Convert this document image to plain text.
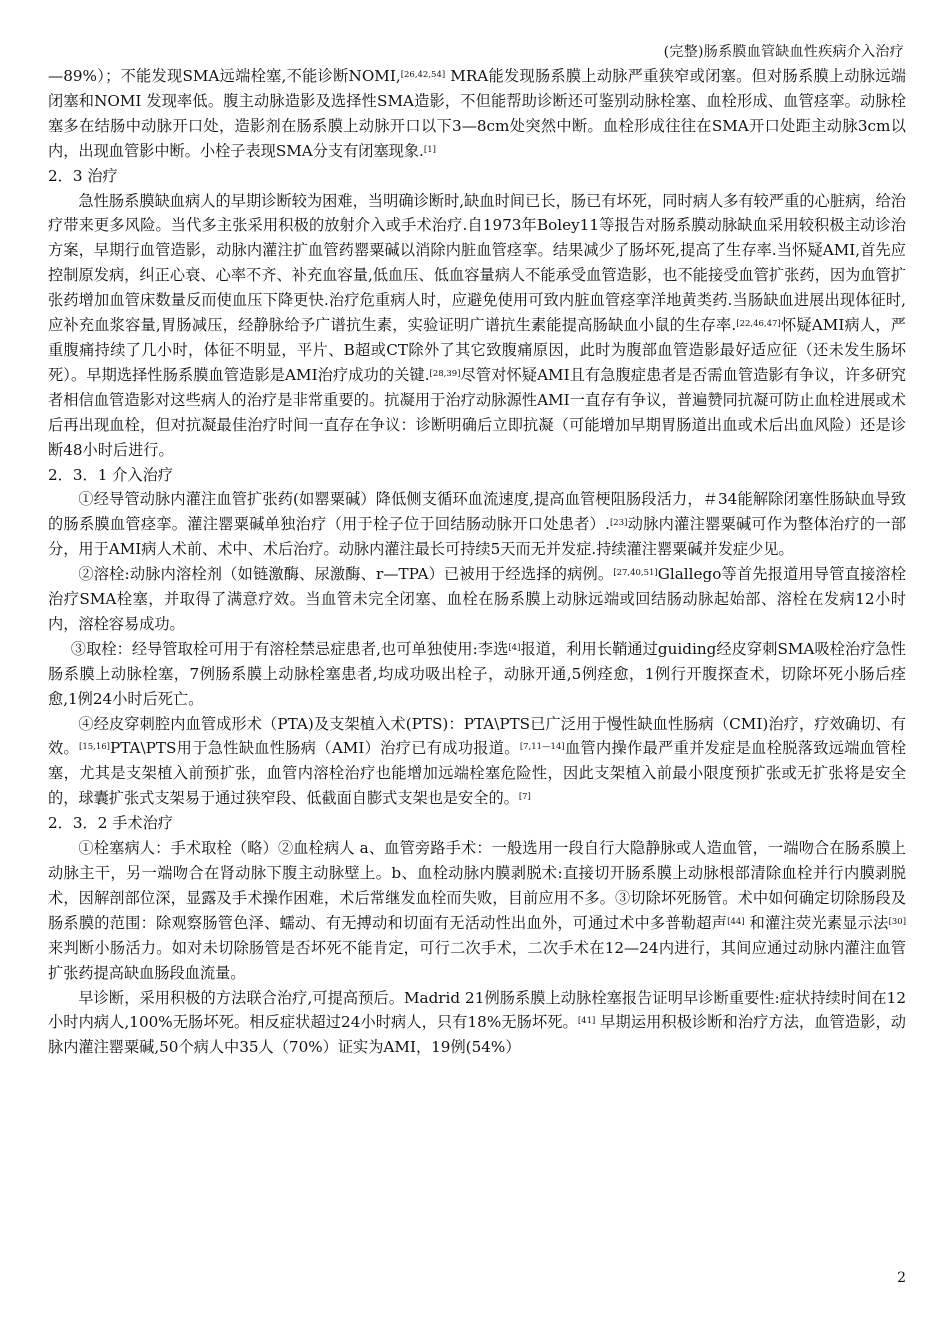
(完整)肠系膜血管缺血性疾病介入治疗

—89%）；不能发现SMA远端栓塞,不能诊断NOMI,[26,42,54] MRA能发现肠系膜上动脉严重狭窄或闭塞。但对肠系膜上动脉远端闭塞和NOMI 发现率低。腹主动脉造影及选择性SMA造影，不但能帮助诊断还可鉴别动脉栓塞、血栓形成、血管痉挛。动脉栓塞多在结肠中动脉开口处，造影剂在肠系膜上动脉开口以下3—8cm处突然中断。血栓形成往往在SMA开口处距主动脉3cm以内，出现血管影中断。小栓子表现SMA分支有闭塞现象.[1]

2．3 治疗

急性肠系膜缺血病人的早期诊断较为困难，当明确诊断时,缺血时间已长，肠已有坏死，同时病人多有较严重的心脏病，给治疗带来更多风险。当代多主张采用积极的放射介入或手术治疗.自1973年Boley11等报告对肠系膜动脉缺血采用较积极主动诊治方案，早期行血管造影，动脉内灌注扩血管药罂粟碱以消除内脏血管痉挛。结果减少了肠坏死,提高了生存率.当怀疑AMI,首先应控制原发病，纠正心衰、心率不齐、补充血容量,低血压、低血容量病人不能承受血管造影，也不能接受血管扩张药，因为血管扩张药增加血管床数量反而使血压下降更快.治疗危重病人时，应避免使用可致内脏血管痉挛洋地黄类药.当肠缺血进展出现体征时,应补充血浆容量,胃肠减压，经静脉给予广谱抗生素，实验证明广谱抗生素能提高肠缺血小鼠的生存率.[22,46,47]怀疑AMI病人，严重腹痛持续了几小时，体征不明显，平片、B超或CT除外了其它致腹痛原因，此时为腹部血管造影最好适应征（还未发生肠坏死）。早期选择性肠系膜血管造影是AMI治疗成功的关键.[28,39]尽管对怀疑AMI且有急腹症患者是否需血管造影有争议，许多研究者相信血管造影对这些病人的治疗是非常重要的。抗凝用于治疗动脉源性AMI一直存有争议，普遍赞同抗凝可防止血栓进展或术后再出现血栓，但对抗凝最佳治疗时间一直存在争议：诊断明确后立即抗凝（可能增加早期胃肠道出血或术后出血风险）还是诊断48小时后进行。

2．3．1 介入治疗

①经导管动脉内灌注血管扩张药(如罂粟碱）降低侧支循环血流速度,提高血管梗阻肠段活力，＃34能解除闭塞性肠缺血导致的肠系膜血管痉挛。灌注罂粟碱单独治疗（用于栓子位于回结肠动脉开口处患者）.[23]动脉内灌注罂粟碱可作为整体治疗的一部分，用于AMI病人术前、术中、术后治疗。动脉内灌注最长可持续5天而无并发症.持续灌注罂粟碱并发症少见。

②溶栓:动脉内溶栓剂（如链激酶、尿激酶、r—TPA）已被用于经选择的病例。[27,40,51]Glallego等首先报道用导管直接溶栓治疗SMA栓塞，并取得了满意疗效。当血管未完全闭塞、血栓在肠系膜上动脉远端或回结肠动脉起始部、溶栓在发病12小时内，溶栓容易成功。

③取栓：经导管取栓可用于有溶栓禁忌症患者,也可单独使用:李选[4]报道，利用长鞘通过guiding经皮穿刺SMA吸栓治疗急性肠系膜上动脉栓塞，7例肠系膜上动脉栓塞患者,均成功吸出栓子，动脉开通,5例痊愈，1例行开腹探查术，切除坏死小肠后痊愈,1例24小时后死亡。

④经皮穿刺腔内血管成形术（PTA)及支架植入术(PTS)：PTA\PTS已广泛用于慢性缺血性肠病（CMI)治疗，疗效确切、有效。[15,16]PTA\PTS用于急性缺血性肠病（AMI）治疗已有成功报道。[7,11—14]血管内操作最严重并发症是血栓脱落致远端血管栓塞，尤其是支架植入前预扩张，血管内溶栓治疗也能增加远端栓塞危险性，因此支架植入前最小限度预扩张或无扩张将是安全的，球囊扩张式支架易于通过狭窄段、低截面自膨式支架也是安全的。[7]

2．3．2 手术治疗

①栓塞病人：手术取栓（略）②血栓病人 a、血管旁路手术：一般选用一段自行大隐静脉或人造血管，一端吻合在肠系膜上动脉主干，另一端吻合在肾动脉下腹主动脉壁上。b、血栓动脉内膜剥脱术:直接切开肠系膜上动脉根部清除血栓并行内膜剥脱术，因解剖部位深，显露及手术操作困难，术后常继发血栓而失败，目前应用不多。③切除坏死肠管。术中如何确定切除肠段及肠系膜的范围：除观察肠管色泽、蠕动、有无搏动和切面有无活动性出血外，可通过术中多普勒超声[44] 和灌注荧光素显示法[30]来判断小肠活力。如对未切除肠管是否坏死不能肯定，可行二次手术，二次手术在12—24内进行，其间应通过动脉内灌注血管扩张药提高缺血肠段血流量。

早诊断，采用积极的方法联合治疗,可提高预后。Madrid 21例肠系膜上动脉栓塞报告证明早诊断重要性:症状持续时间在12小时内病人,100%无肠坏死。相反症状超过24小时病人，只有18%无肠坏死。[41] 早期运用积极诊断和治疗方法，血管造影，动脉内灌注罂粟碱,50个病人中35人（70%）证实为AMI，19例(54%）

2
